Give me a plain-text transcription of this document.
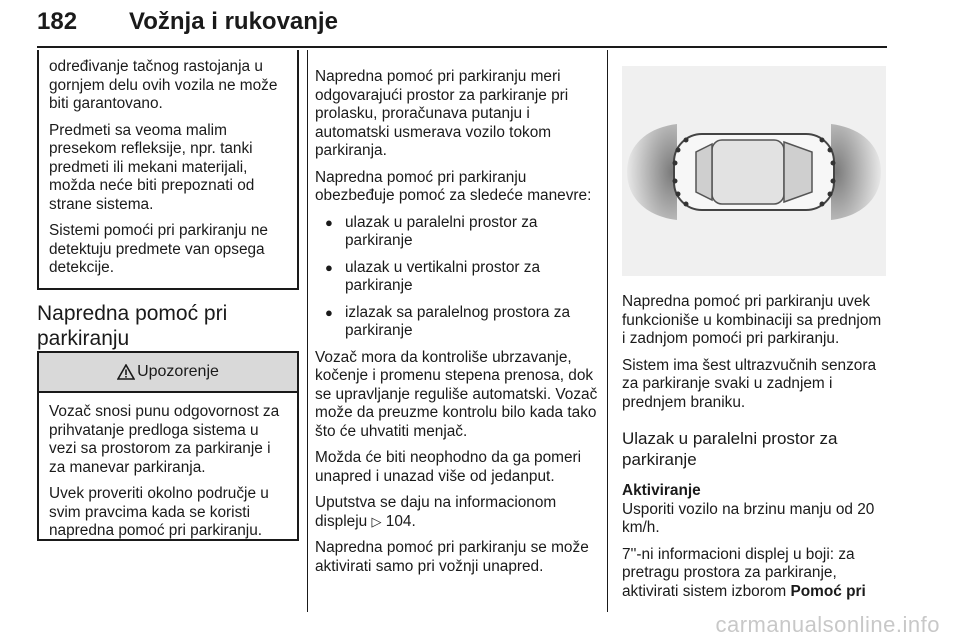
182 Vožnja i rukovanje

određivanje tačnog rastojanja u gornjem delu ovih vozila ne može biti garantovano.

Predmeti sa veoma malim presekom refleksije, npr. tanki predmeti ili mekani materijali, možda neće biti prepoznati od strane sistema.

Sistemi pomoći pri parkiranju ne detektuju predmete van opsega detekcije.

Napredna pomoć pri
parkiranju
Upozorenje

Vozač snosi punu odgovornost za prihvatanje predloga sistema u vezi sa prostorom za parkiranje i za manevar parkiranja.

Uvek proveriti okolno područje u svim pravcima kada se koristi napredna pomoć pri parkiranju.

Napredna pomoć pri parkiranju meri odgovarajući prostor za parkiranje pri prolasku, proračunava putanju i automatski usmerava vozilo tokom parkiranja.

Napredna pomoć pri parkiranju obezbeđuje pomoć za sledeće manevre:

● ulazak u paralelni prostor za parkiranje
● ulazak u vertikalni prostor za parkiranje
● izlazak sa paralelnog prostora za parkiranje

Vozač mora da kontroliše ubrzavanje, kočenje i promenu stepena prenosa, dok se upravljanje reguliše automatski. Vozač može da preuzme kontrolu bilo kada tako što će uhvatiti menjač.

Možda će biti neophodno da ga pomeri unapred i unazad više od jedanput.

Uputstva se daju na informacionom displeju ▷ 104.

Napredna pomoć pri parkiranju se može aktivirati samo pri vožnji unapred.

Napredna pomoć pri parkiranju uvek funkcioniše u kombinaciji sa prednjom i zadnjom pomoći pri parkiranju.

Sistem ima šest ultrazvučnih senzora za parkiranje svaki u zadnjem i prednjem braniku.

Ulazak u paralelni prostor za parkiranje
Aktiviranje

Usporiti vozilo na brzinu manju od 20 km/h.

7''-ni informacioni displej u boji: za pretragu prostora za parkiranje, aktivirati sistem izborom Pomoć pri

carmanualsonline.info
